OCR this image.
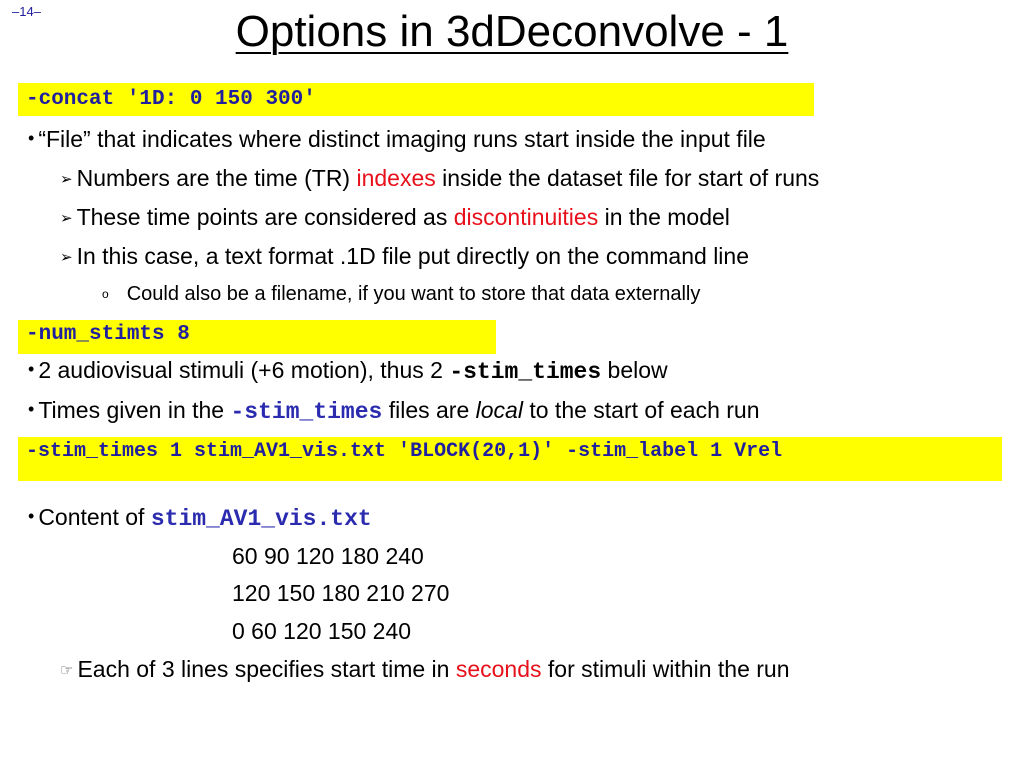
–14–	Options in 3dDeconvolve - 1
-concat '1D: 0 150 300'
• “File” that indicates where distinct imaging runs start inside the input file
➢ Numbers are the time (TR) indexes inside the dataset file for start of runs
➢ These time points are considered as discontinuities in the model
➢ In this case, a text format .1D file put directly on the command line
o Could also be a filename, if you want to store that data externally
-num_stimts 8
• 2 audiovisual stimuli (+6 motion), thus 2 -stim_times below
• Times given in the -stim_times files are local to the start of each run
-stim_times 1 stim_AV1_vis.txt 'BLOCK(20,1)' -stim_label 1 Vrel
• Content of stim_AV1_vis.txt
60 90 120 180 240
120 150 180 210 270
0 60 120 150 240
☞ Each of 3 lines specifies start time in seconds for stimuli within the run
